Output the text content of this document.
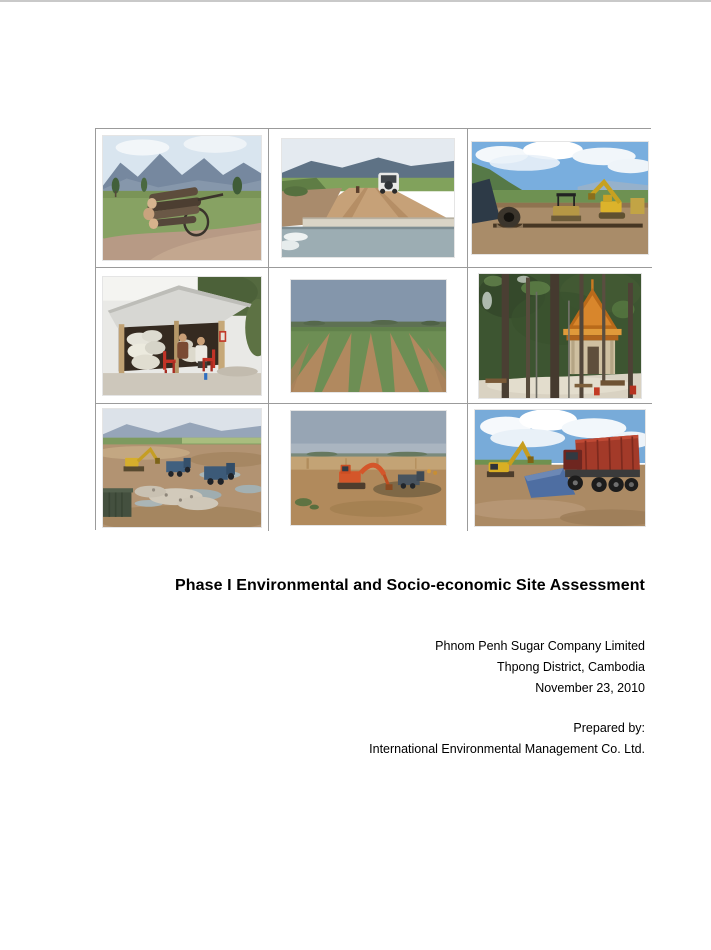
Phase I Environmental and Socio-economic Site Assessment
Phnom Penh Sugar Company Limited
Thpong District, Cambodia
November 23, 2010
Prepared by:
International Environmental Management Co. Ltd.
